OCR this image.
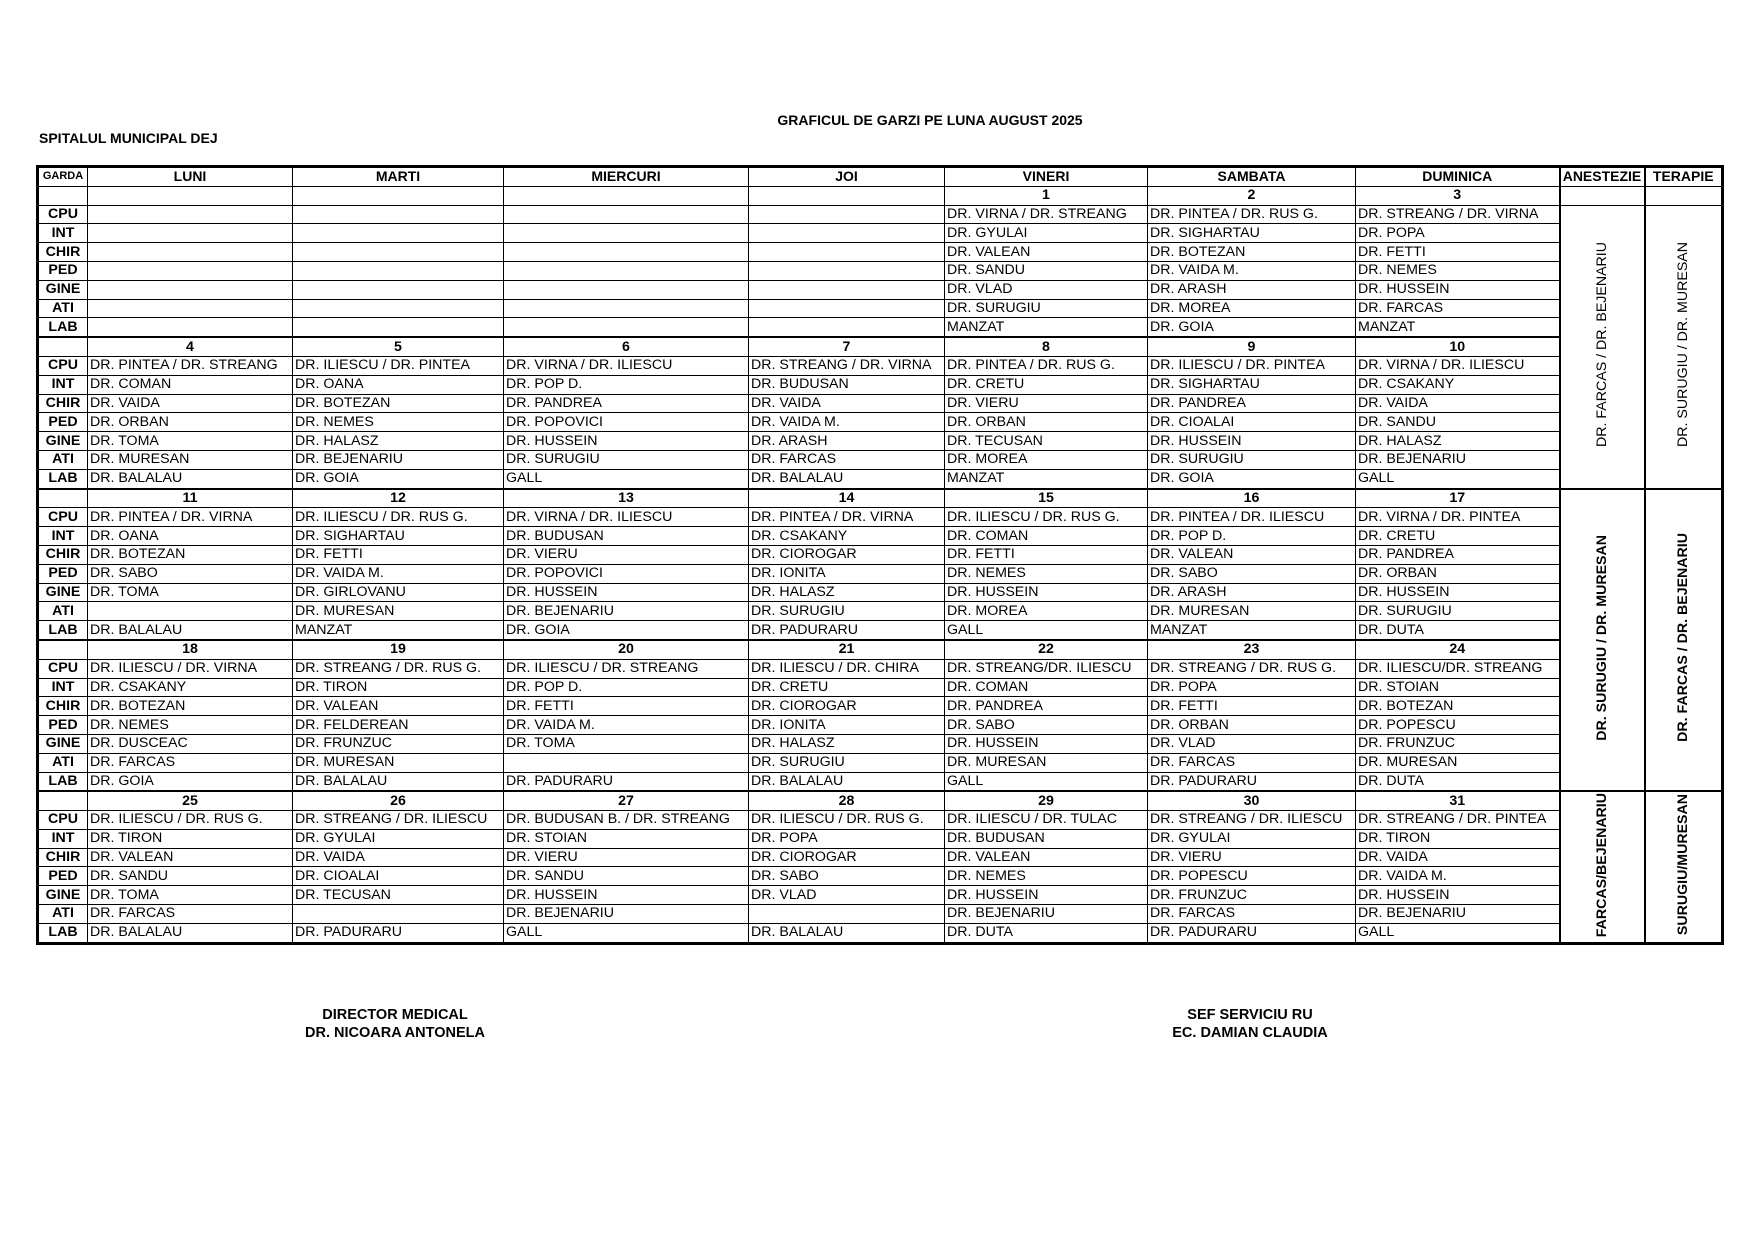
GRAFICUL DE GARZI PE LUNA AUGUST 2025
SPITALUL MUNICIPAL DEJ
GARDA	LUNI	MARTI	MIERCURI	JOI	VINERI	SAMBATA	DUMINICA	ANESTEZIE	TERAPIE
					1	2	3		
CPU					DR. VIRNA / DR. STREANG	DR. PINTEA / DR. RUS G.	DR. STREANG / DR. VIRNA	DR. FARCAS / DR. BEJENARIU	DR. SURUGIU / DR. MURESAN
INT					DR. GYULAI	DR. SIGHARTAU	DR. POPA		
CHIR					DR. VALEAN	DR. BOTEZAN	DR. FETTI		
PED					DR. SANDU	DR. VAIDA M.	DR. NEMES		
GINE					DR. VLAD	DR. ARASH	DR. HUSSEIN		
ATI					DR. SURUGIU	DR. MOREA	DR. FARCAS		
LAB					MANZAT	DR. GOIA	MANZAT		
	4	5	6	7	8	9	10		
CPU	DR. PINTEA / DR. STREANG	DR. ILIESCU / DR. PINTEA	DR. VIRNA / DR. ILIESCU	DR. STREANG / DR. VIRNA	DR. PINTEA / DR. RUS G.	DR. ILIESCU / DR. PINTEA	DR. VIRNA / DR. ILIESCU		
INT	DR. COMAN	DR. OANA	DR. POP D.	DR. BUDUSAN	DR. CRETU	DR. SIGHARTAU	DR. CSAKANY		
CHIR	DR. VAIDA	DR. BOTEZAN	DR. PANDREA	DR. VAIDA	DR. VIERU	DR. PANDREA	DR. VAIDA		
PED	DR. ORBAN	DR. NEMES	DR. POPOVICI	DR. VAIDA M.	DR. ORBAN	DR. CIOALAI	DR. SANDU		
GINE	DR. TOMA	DR. HALASZ	DR. HUSSEIN	DR. ARASH	DR. TECUSAN	DR. HUSSEIN	DR. HALASZ		
ATI	DR. MURESAN	DR. BEJENARIU	DR. SURUGIU	DR. FARCAS	DR. MOREA	DR. SURUGIU	DR. BEJENARIU		
LAB	DR. BALALAU	DR. GOIA	GALL	DR. BALALAU	MANZAT	DR. GOIA	GALL		
	11	12	13	14	15	16	17	DR. SURUGIU / DR. MURESAN	DR. FARCAS / DR. BEJENARIU
CPU	DR. PINTEA / DR. VIRNA	DR. ILIESCU / DR. RUS G.	DR. VIRNA / DR. ILIESCU	DR. PINTEA / DR. VIRNA	DR. ILIESCU / DR. RUS G.	DR. PINTEA / DR. ILIESCU	DR. VIRNA / DR. PINTEA		
INT	DR. OANA	DR. SIGHARTAU	DR. BUDUSAN	DR. CSAKANY	DR. COMAN	DR. POP D.	DR. CRETU		
CHIR	DR. BOTEZAN	DR. FETTI	DR. VIERU	DR. CIOROGAR	DR. FETTI	DR. VALEAN	DR. PANDREA		
PED	DR. SABO	DR. VAIDA M.	DR. POPOVICI	DR. IONITA	DR. NEMES	DR. SABO	DR. ORBAN		
GINE	DR. TOMA	DR. GIRLOVANU	DR. HUSSEIN	DR. HALASZ	DR. HUSSEIN	DR. ARASH	DR. HUSSEIN		
ATI		DR. MURESAN	DR. BEJENARIU	DR. SURUGIU	DR. MOREA	DR. MURESAN	DR. SURUGIU		
LAB	DR. BALALAU	MANZAT	DR. GOIA	DR. PADURARU	GALL	MANZAT	DR. DUTA		
	18	19	20	21	22	23	24		
CPU	DR. ILIESCU / DR. VIRNA	DR. STREANG / DR. RUS G.	DR. ILIESCU / DR. STREANG	DR. ILIESCU / DR. CHIRA	DR. STREANG/DR. ILIESCU	DR. STREANG / DR. RUS G.	DR. ILIESCU/DR. STREANG		
INT	DR. CSAKANY	DR. TIRON	DR. POP D.	DR. CRETU	DR. COMAN	DR. POPA	DR. STOIAN		
CHIR	DR. BOTEZAN	DR. VALEAN	DR. FETTI	DR. CIOROGAR	DR. PANDREA	DR. FETTI	DR. BOTEZAN		
PED	DR. NEMES	DR. FELDEREAN	DR. VAIDA M.	DR. IONITA	DR. SABO	DR. ORBAN	DR. POPESCU		
GINE	DR. DUSCEAC	DR. FRUNZUC	DR. TOMA	DR. HALASZ	DR. HUSSEIN	DR. VLAD	DR. FRUNZUC		
ATI	DR. FARCAS	DR. MURESAN		DR. SURUGIU	DR. MURESAN	DR. FARCAS	DR. MURESAN		
LAB	DR. GOIA	DR. BALALAU	DR. PADURARU	DR. BALALAU	GALL	DR. PADURARU	DR. DUTA		
	25	26	27	28	29	30	31	FARCAS/BEJENARIU	SURUGIU/MURESAN
CPU	DR. ILIESCU / DR. RUS G.	DR. STREANG / DR. ILIESCU	DR. BUDUSAN B. / DR. STREANG	DR. ILIESCU / DR. RUS G.	DR. ILIESCU / DR. TULAC	DR. STREANG / DR. ILIESCU	DR. STREANG / DR. PINTEA		
INT	DR. TIRON	DR. GYULAI	DR. STOIAN	DR. POPA	DR. BUDUSAN	DR. GYULAI	DR. TIRON		
CHIR	DR. VALEAN	DR. VAIDA	DR. VIERU	DR. CIOROGAR	DR. VALEAN	DR. VIERU	DR. VAIDA		
PED	DR. SANDU	DR. CIOALAI	DR. SANDU	DR. SABO	DR. NEMES	DR. POPESCU	DR. VAIDA M.		
GINE	DR. TOMA	DR. TECUSAN	DR. HUSSEIN	DR. VLAD	DR. HUSSEIN	DR. FRUNZUC	DR. HUSSEIN		
ATI	DR. FARCAS		DR. BEJENARIU		DR. BEJENARIU	DR. FARCAS	DR. BEJENARIU		
LAB	DR. BALALAU	DR. PADURARU	GALL	DR. BALALAU	DR. DUTA	DR. PADURARU	GALL		
DIRECTOR MEDICAL
DR. NICOARA ANTONELA
SEF SERVICIU RU
EC. DAMIAN CLAUDIA
